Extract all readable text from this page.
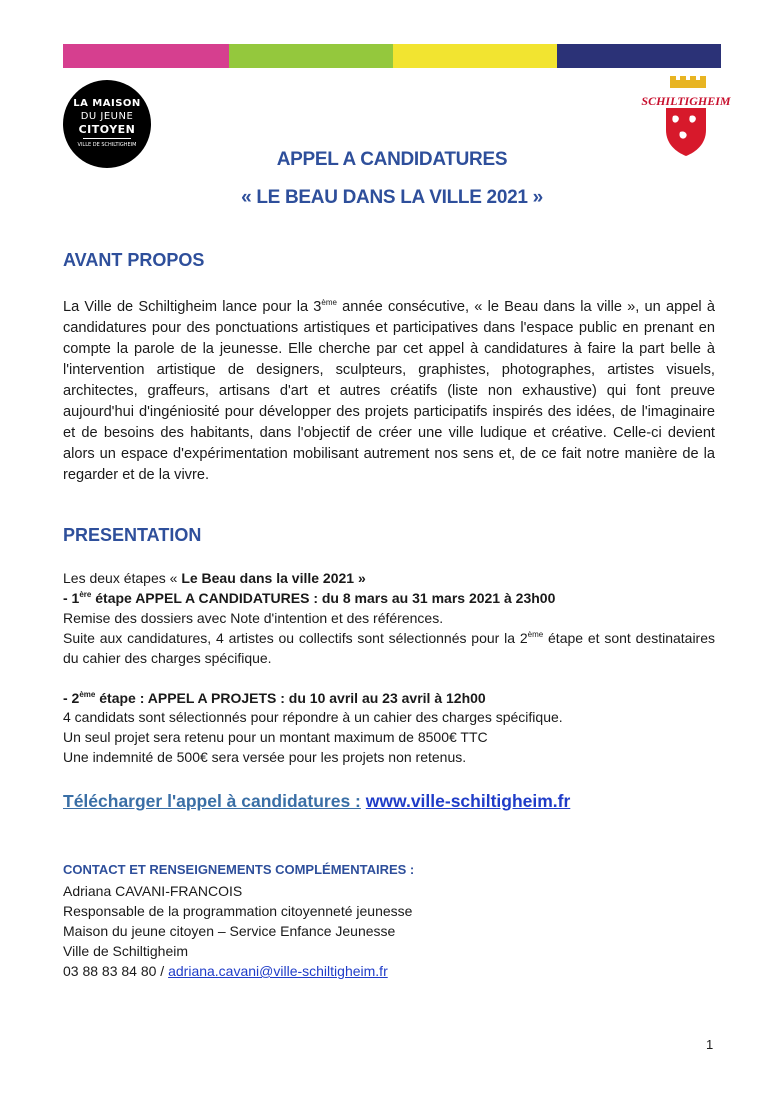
LA MAISON
DU JEUNE
CITOYEN
VILLE DE SCHILTIGHEIM
SCHILTIGHEIM
APPEL A CANDIDATURES
« LE BEAU DANS LA VILLE 2021 »
AVANT PROPOS
La Ville de Schiltigheim lance pour la 3ème année consécutive, « le Beau dans la ville », un appel à candidatures pour des ponctuations artistiques et participatives dans l'espace public en prenant en compte la parole de la jeunesse. Elle cherche par cet appel à candidatures à faire la part belle à l'intervention artistique de designers, sculpteurs, graphistes, photographes, artistes visuels, architectes, graffeurs, artisans d'art et autres créatifs (liste non exhaustive) qui font preuve aujourd'hui d'ingéniosité pour développer des projets participatifs inspirés des idées, de l'imaginaire et de besoins des habitants, dans l'objectif de créer une ville ludique et créative. Celle-ci devient alors un espace d'expérimentation mobilisant autrement nos sens et, de ce fait notre manière de la regarder et de la vivre.
PRESENTATION
Les deux étapes « Le Beau dans la ville 2021 »
- 1ère étape APPEL A CANDIDATURES : du 8 mars au 31 mars 2021 à 23h00
Remise des dossiers avec Note d'intention et des références.
Suite aux candidatures, 4 artistes ou collectifs sont sélectionnés pour la 2ème étape et sont destinataires du cahier des charges spécifique.
- 2ème étape : APPEL A PROJETS : du 10 avril au 23 avril à 12h00
4 candidats sont sélectionnés pour répondre à un cahier des charges spécifique.
Un seul projet sera retenu pour un montant maximum de 8500€ TTC
Une indemnité de 500€ sera versée pour les projets non retenus.
Télécharger l'appel à candidatures : www.ville-schiltigheim.fr
CONTACT ET RENSEIGNEMENTS COMPLÉMENTAIRES :
Adriana CAVANI-FRANCOIS
Responsable de la programmation citoyenneté jeunesse
Maison du jeune citoyen – Service Enfance Jeunesse
Ville de Schiltigheim
03 88 83 84 80 / adriana.cavani@ville-schiltigheim.fr
1
